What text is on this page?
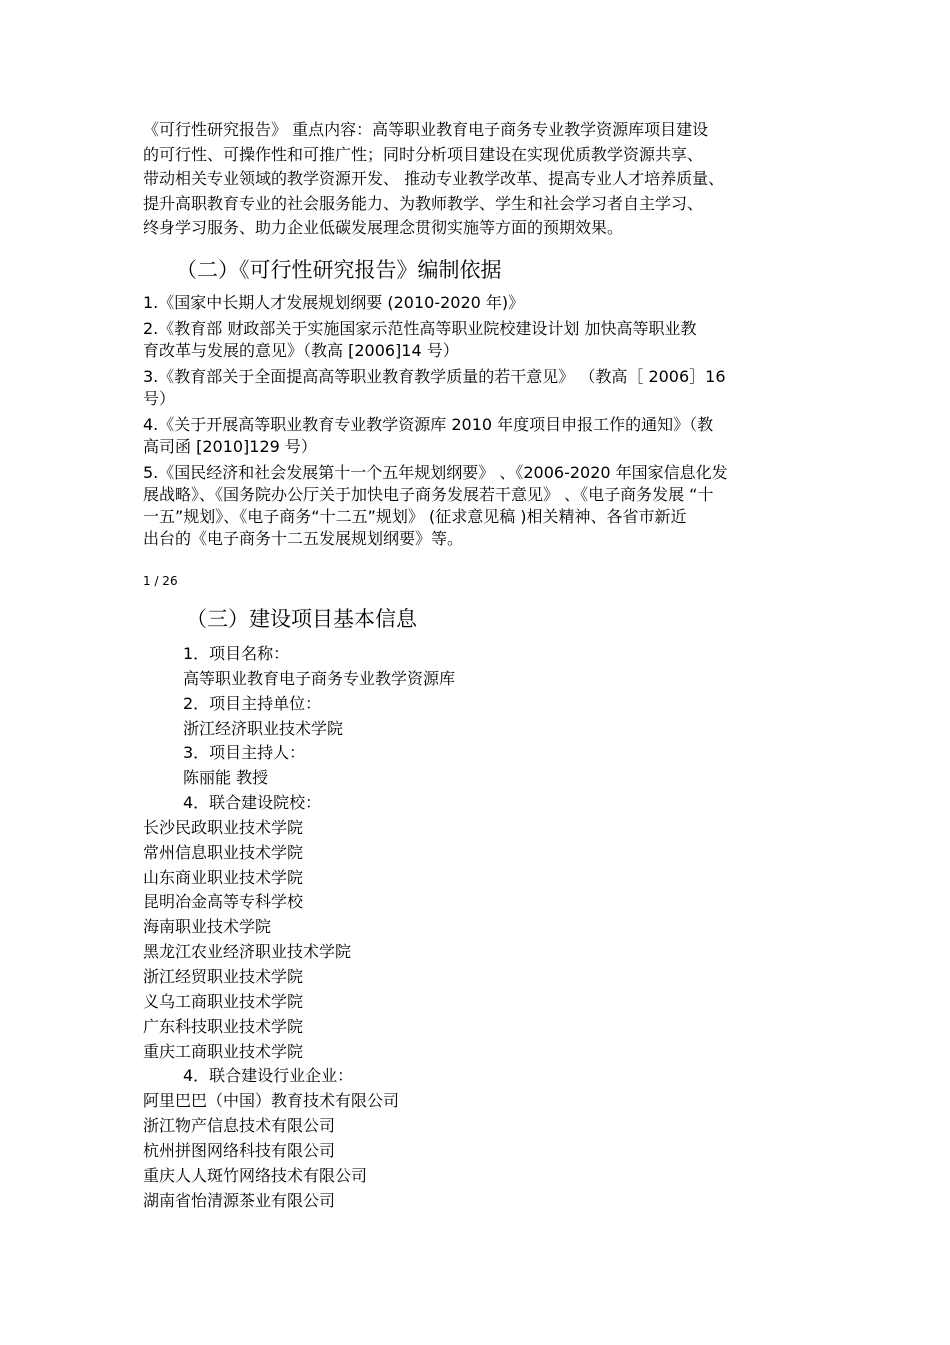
《可行性研究报告》 重点内容：高等职业教育电子商务专业教学资源库项目建设
的可行性、可操作性和可推广性；同时分析项目建设在实现优质教学资源共享、
带动相关专业领域的教学资源开发、 推动专业教学改革、提高专业人才培养质量、
提升高职教育专业的社会服务能力、为教师教学、学生和社会学习者自主学习、
终身学习服务、助力企业低碳发展理念贯彻实施等方面的预期效果。
（二）《可行性研究报告》编制依据
1.《国家中长期人才发展规划纲要 (2010-2020 年)》
2.《教育部 财政部关于实施国家示范性高等职业院校建设计划 加快高等职业教
育改革与发展的意见》（教高 [2006]14 号）
3.《教育部关于全面提高高等职业教育教学质量的若干意见》 （教高［ 2006］16
号）
4.《关于开展高等职业教育专业教学资源库 2010 年度项目申报工作的通知》（教
高司函 [2010]129 号）
5.《国民经济和社会发展第十一个五年规划纲要》 、《2006-2020 年国家信息化发
展战略》、《国务院办公厅关于加快电子商务发展若干意见》 、《电子商务发展 “十
一五”规划》、《电子商务“十二五”规划》 (征求意见稿 )相关精神、各省市新近
出台的《电子商务十二五发展规划纲要》等。
1 / 26
（三）建设项目基本信息
1．项目名称：
高等职业教育电子商务专业教学资源库
2．项目主持单位：
浙江经济职业技术学院
3．项目主持人：
陈丽能 教授
4．联合建设院校：
长沙民政职业技术学院
常州信息职业技术学院
山东商业职业技术学院
昆明冶金高等专科学校
海南职业技术学院
黑龙江农业经济职业技术学院
浙江经贸职业技术学院
义乌工商职业技术学院
广东科技职业技术学院
重庆工商职业技术学院
4．联合建设行业企业：
阿里巴巴（中国）教育技术有限公司
浙江物产信息技术有限公司
杭州拼图网络科技有限公司
重庆人人斑竹网络技术有限公司
湖南省怡清源茶业有限公司
